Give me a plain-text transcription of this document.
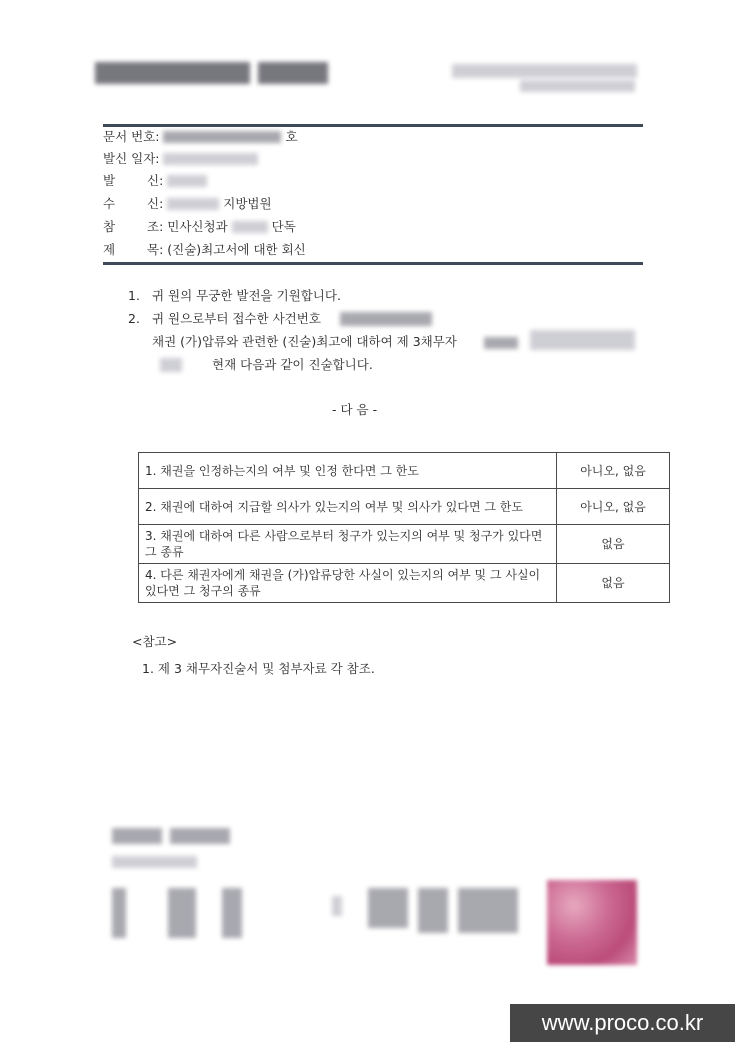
문서 번호:	호
발신 일자:
발	신:
수	신:	지방법원
참	조: 민사신청과	단독
제	목: (진술)최고서에 대한 회신
1. 귀 원의 무궁한 발전을 기원합니다.
2. 귀 원으로부터 접수한 사건번호
채권 (가)압류와 관련한 (진술)최고에 대하여 제 3채무자
현재 다음과 같이 진술합니다.
- 다 음 -
1. 채권을 인정하는지의 여부 및 인정 한다면 그 한도	아니오, 없음
2. 채권에 대하여 지급할 의사가 있는지의 여부 및 의사가 있다면 그 한도	아니오, 없음
3. 채권에 대하여 다른 사람으로부터 청구가 있는지의 여부 및 청구가 있다면 그 종류	없음
4. 다른 채권자에게 채권을 (가)압류당한 사실이 있는지의 여부 및 그 사실이 있다면 그 청구의 종류	없음
<참고>
1. 제 3 채무자진술서 및 첨부자료 각 참조.
www.proco.co.kr
